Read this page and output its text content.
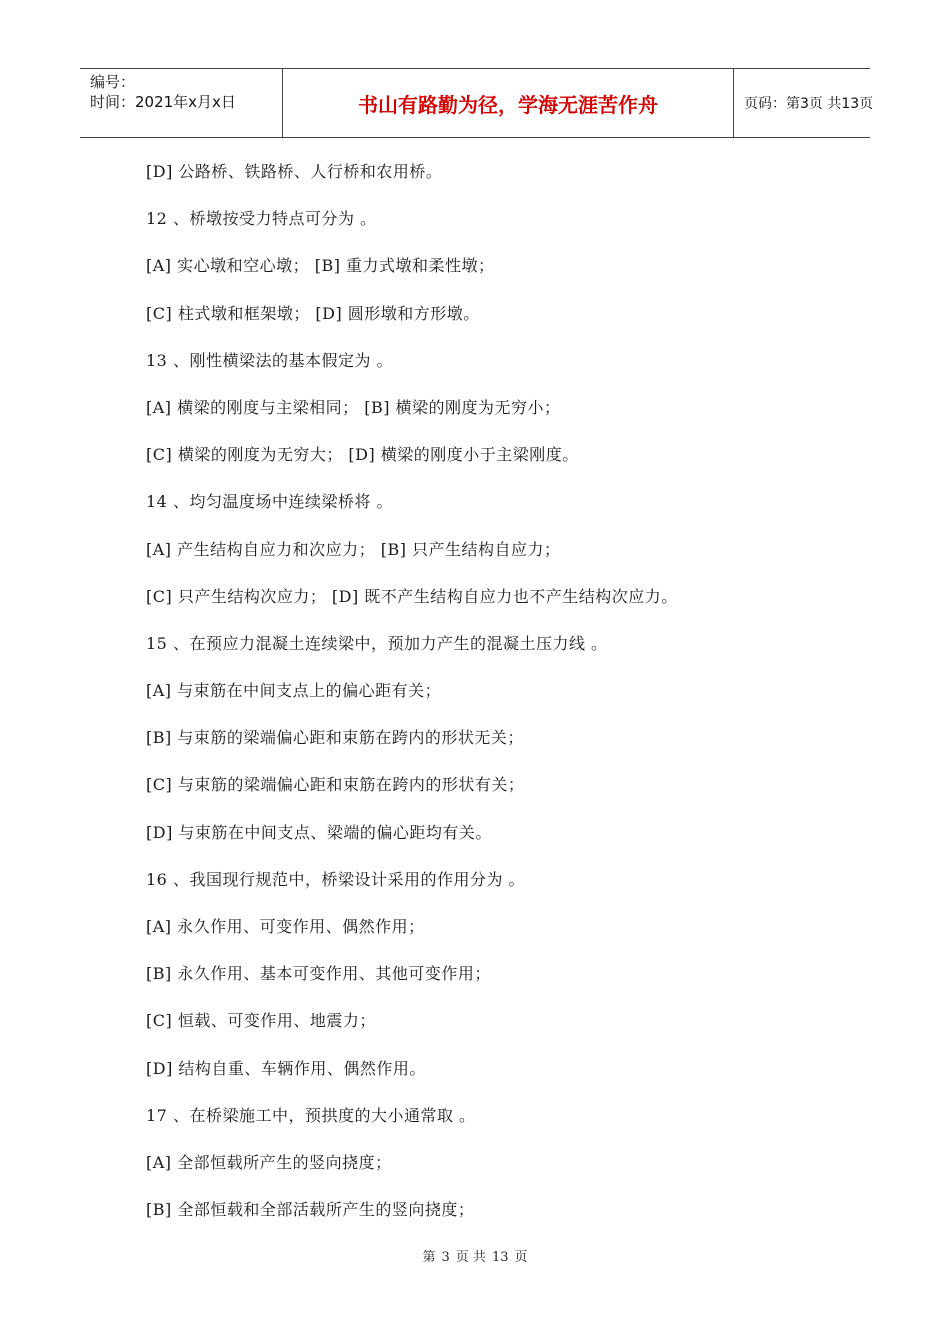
编号：
时间：2021年x月x日	书山有路勤为径，学海无涯苦作舟	页码：第3页 共13页
[D] 公路桥、铁路桥、人行桥和农用桥。
12 、桥墩按受力特点可分为 。
[A] 实心墩和空心墩； [B] 重力式墩和柔性墩；
[C] 柱式墩和框架墩； [D] 圆形墩和方形墩。
13 、刚性横梁法的基本假定为 。
[A] 横梁的刚度与主梁相同； [B] 横梁的刚度为无穷小；
[C] 横梁的刚度为无穷大； [D] 横梁的刚度小于主梁刚度。
14 、均匀温度场中连续梁桥将 。
[A] 产生结构自应力和次应力； [B] 只产生结构自应力；
[C] 只产生结构次应力； [D] 既不产生结构自应力也不产生结构次应力。
15 、在预应力混凝土连续梁中，预加力产生的混凝土压力线 。
[A] 与束筋在中间支点上的偏心距有关；
[B] 与束筋的梁端偏心距和束筋在跨内的形状无关；
[C] 与束筋的梁端偏心距和束筋在跨内的形状有关；
[D] 与束筋在中间支点、梁端的偏心距均有关。
16 、我国现行规范中，桥梁设计采用的作用分为 。
[A] 永久作用、可变作用、偶然作用；
[B] 永久作用、基本可变作用、其他可变作用；
[C] 恒载、可变作用、地震力；
[D] 结构自重、车辆作用、偶然作用。
17 、在桥梁施工中，预拱度的大小通常取 。
[A] 全部恒载所产生的竖向挠度；
[B] 全部恒载和全部活载所产生的竖向挠度；
第 3 页 共 13 页
